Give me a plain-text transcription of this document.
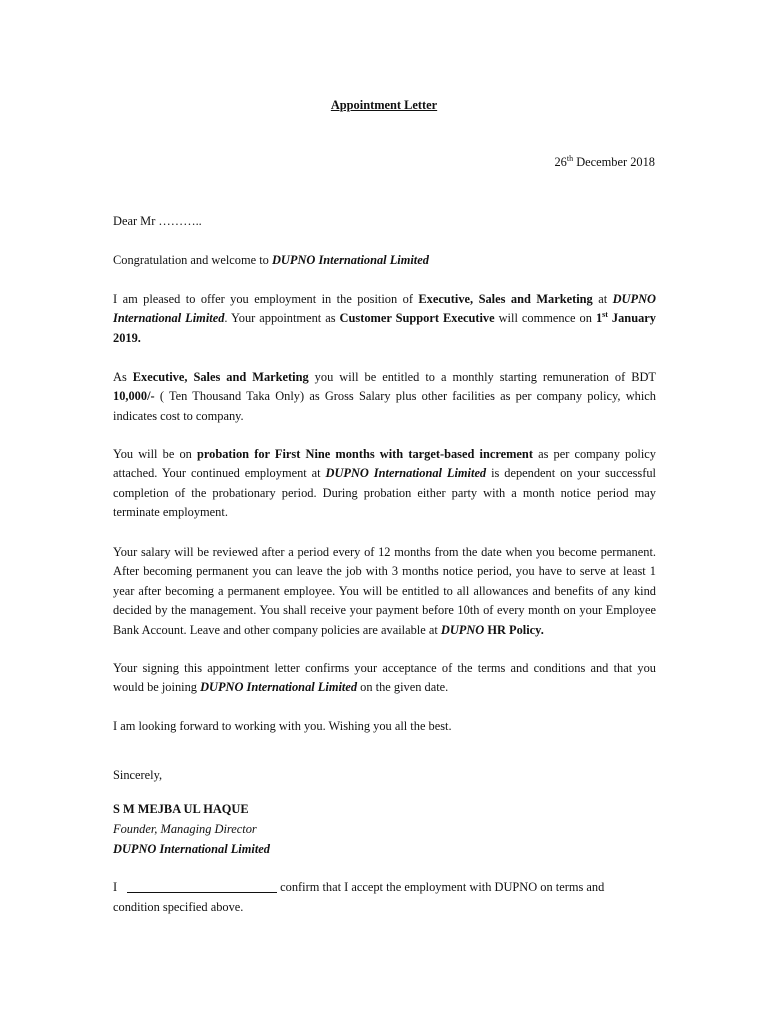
Appointment Letter
26th December 2018

Dear Mr ………..

Congratulation and welcome to DUPNO International Limited

I am pleased to offer you employment in the position of Executive, Sales and Marketing at DUPNO International Limited. Your appointment as Customer Support Executive will commence on 1st January 2019.

As Executive, Sales and Marketing you will be entitled to a monthly starting remuneration of BDT 10,000/- ( Ten Thousand Taka Only) as Gross Salary plus other facilities as per company policy, which indicates cost to company.

You will be on probation for First Nine months with target-based increment as per company policy attached. Your continued employment at DUPNO International Limited is dependent on your successful completion of the probationary period. During probation either party with a month notice period may terminate employment.

Your salary will be reviewed after a period every of 12 months from the date when you become permanent. After becoming permanent you can leave the job with 3 months notice period, you have to serve at least 1 year after becoming a permanent employee. You will be entitled to all allowances and benefits of any kind decided by the management. You shall receive your payment before 10th of every month on your Employee Bank Account. Leave and other company policies are available at DUPNO HR Policy.

Your signing this appointment letter confirms your acceptance of the terms and conditions and that you would be joining DUPNO International Limited on the given date.

I am looking forward to working with you. Wishing you all the best.

Sincerely,

S M MEJBA UL HAQUE

Founder, Managing Director

DUPNO International Limited

I	confirm that I accept the employment with DUPNO on terms and

condition specified above.
